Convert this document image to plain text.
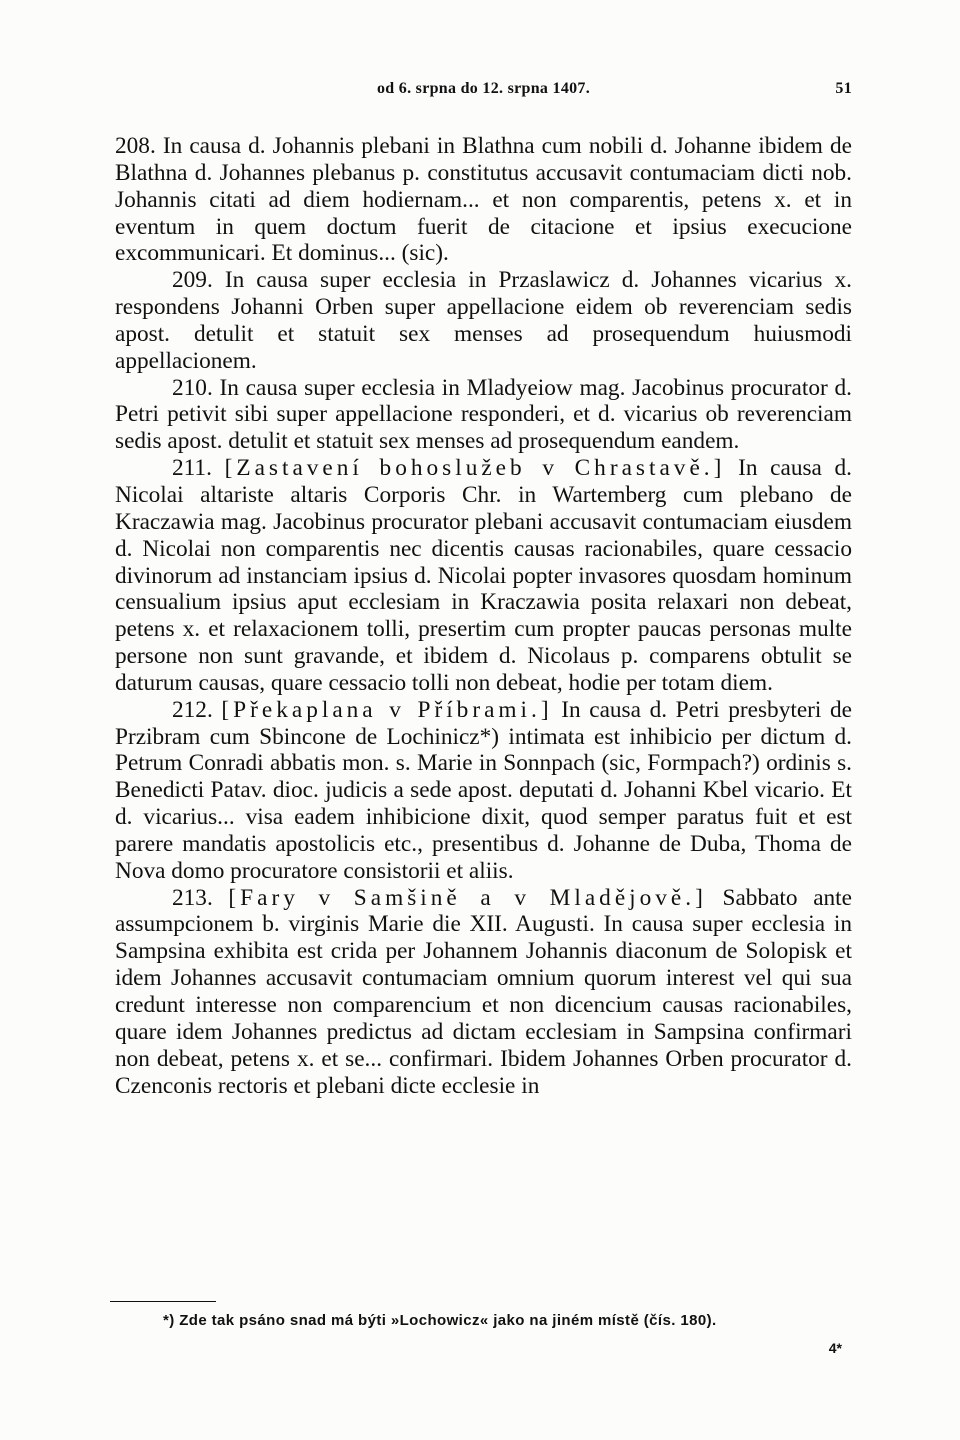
od 6. srpna do 12. srpna 1407.	51

208. In causa d. Johannis plebani in Blathna cum nobili d. Johanne ibidem de Blathna d. Johannes plebanus p. constitutus accusavit contumaciam dicti nob. Johannis citati ad diem hodiernam... et non comparentis, petens x. et in eventum in quem doctum fuerit de citacione et ipsius execucione excommunicari. Et dominus... (sic).

209. In causa super ecclesia in Przaslawicz d. Johannes vicarius x. respondens Johanni Orben super appellacione eidem ob reverenciam sedis apost. detulit et statuit sex menses ad prosequendum huiusmodi appellacionem.

210. In causa super ecclesia in Mladyeiow mag. Jacobinus procurator d. Petri petivit sibi super appellacione responderi, et d. vicarius ob reverenciam sedis apost. detulit et statuit sex menses ad prosequendum eandem.

211. [Zastavení bohoslužeb v Chrastavě.] In causa d. Nicolai altariste altaris Corporis Chr. in Wartemberg cum plebano de Kraczawia mag. Jacobinus procurator plebani accusavit contumaciam eiusdem d. Nicolai non comparentis nec dicentis causas racionabiles, quare cessacio divinorum ad instanciam ipsius d. Nicolai popter invasores quosdam hominum censualium ipsius aput ecclesiam in Kraczawia posita relaxari non debeat, petens x. et relaxacionem tolli, presertim cum propter paucas personas multe persone non sunt gravande, et ibidem d. Nicolaus p. comparens obtulit se daturum causas, quare cessacio tolli non debeat, hodie per totam diem.

212. [Překaplana v Příbrami.] In causa d. Petri presbyteri de Przibram cum Sbincone de Lochinicz*) intimata est inhibicio per dictum d. Petrum Conradi abbatis mon. s. Marie in Sonnpach (sic, Formpach?) ordinis s. Benedicti Patav. dioc. judicis a sede apost. deputati d. Johanni Kbel vicario. Et d. vicarius... visa eadem inhibicione dixit, quod semper paratus fuit et est parere mandatis apostolicis etc., presentibus d. Johanne de Duba, Thoma de Nova domo procuratore consistorii et aliis.

213. [Fary v Samšině a v Mladějově.] Sabbato ante assumpcionem b. virginis Marie die XII. Augusti. In causa super ecclesia in Sampsina exhibita est crida per Johannem Johannis diaconum de Solopisk et idem Johannes accusavit contumaciam omnium quorum interest vel qui sua credunt interesse non comparencium et non dicencium causas racionabiles, quare idem Johannes predictus ad dictam ecclesiam in Sampsina confirmari non debeat, petens x. et se... confirmari. Ibidem Johannes Orben procurator d. Czenconis rectoris et plebani dicte ecclesie in

*) Zde tak psáno snad má býti »Lochowicz« jako na jiném místě (čís. 180).
4*
